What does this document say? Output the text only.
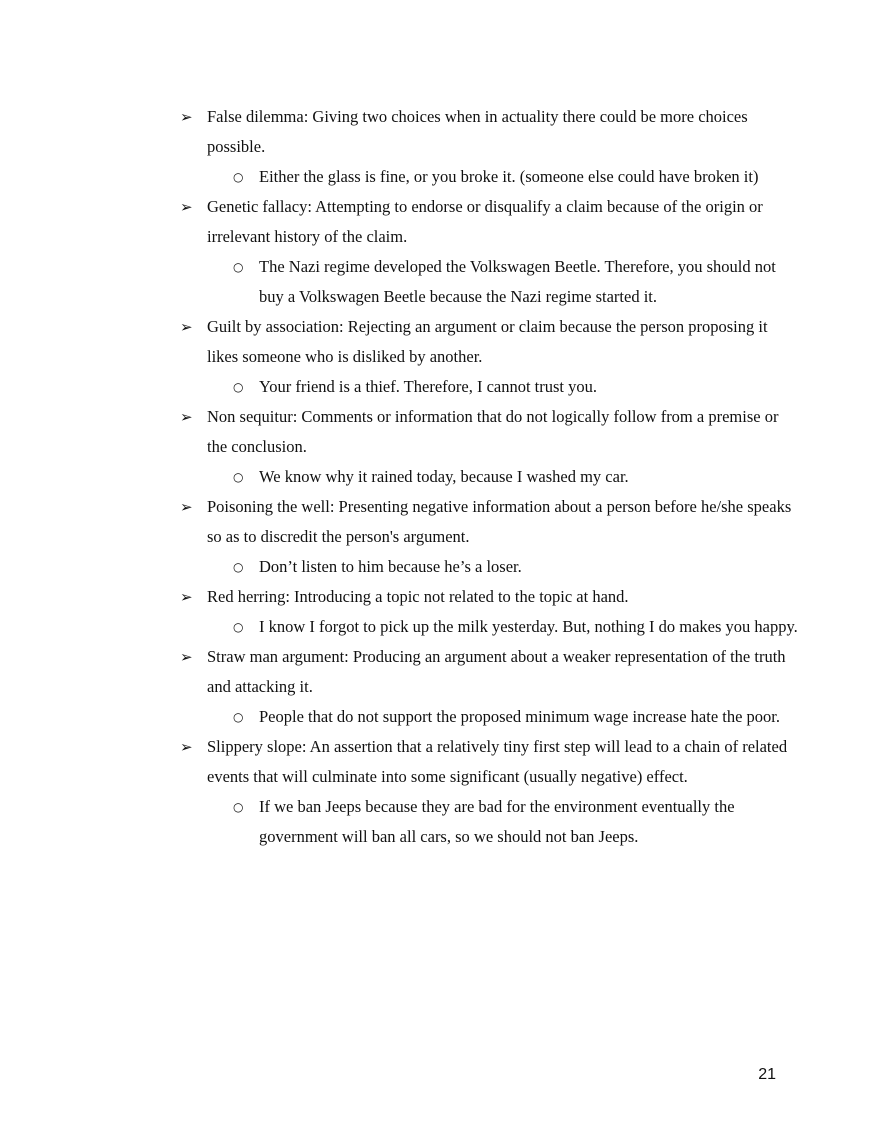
➢ False dilemma: Giving two choices when in actuality there could be more choices possible.
○ Either the glass is fine, or you broke it. (someone else could have broken it)
➢ Genetic fallacy: Attempting to endorse or disqualify a claim because of the origin or irrelevant history of the claim.
○ The Nazi regime developed the Volkswagen Beetle. Therefore, you should not buy a Volkswagen Beetle because the Nazi regime started it.
➢ Guilt by association: Rejecting an argument or claim because the person proposing it likes someone who is disliked by another.
○ Your friend is a thief. Therefore, I cannot trust you.
➢ Non sequitur: Comments or information that do not logically follow from a premise or the conclusion.
○ We know why it rained today, because I washed my car.
➢ Poisoning the well: Presenting negative information about a person before he/she speaks so as to discredit the person's argument.
○ Don’t listen to him because he’s a loser.
➢ Red herring: Introducing a topic not related to the topic at hand.
○ I know I forgot to pick up the milk yesterday. But, nothing I do makes you happy.
➢ Straw man argument: Producing an argument about a weaker representation of the truth and attacking it.
○ People that do not support the proposed minimum wage increase hate the poor.
➢ Slippery slope: An assertion that a relatively tiny first step will lead to a chain of related events that will culminate into some significant (usually negative) effect.
○ If we ban Jeeps because they are bad for the environment eventually the government will ban all cars, so we should not ban Jeeps.
21
